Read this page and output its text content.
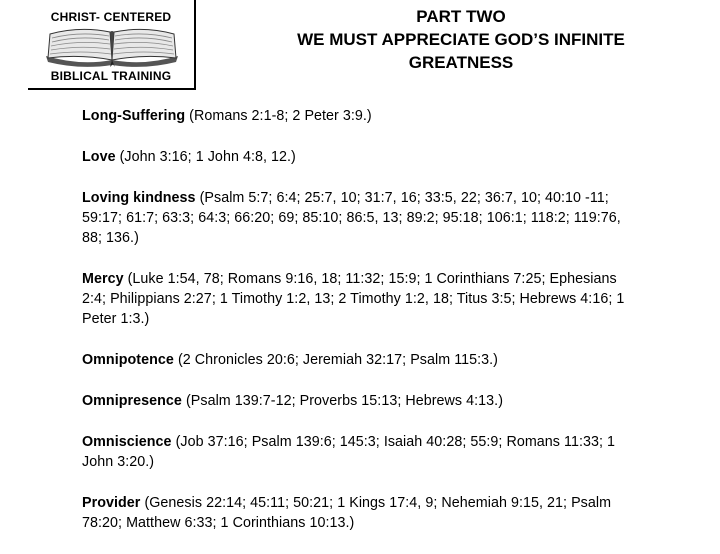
CHRIST- CENTERED
BIBLICAL TRAINING
PART TWO
WE MUST APPRECIATE GOD’S INFINITE
GREATNESS

Long-Suffering (Romans 2:1-8; 2 Peter 3:9.)

Love (John 3:16; 1 John 4:8, 12.)

Loving kindness (Psalm 5:7; 6:4; 25:7, 10; 31:7, 16; 33:5, 22; 36:7, 10; 40:10 -11; 59:17; 61:7; 63:3; 64:3; 66:20; 69; 85:10; 86:5, 13; 89:2; 95:18; 106:1; 118:2; 119:76, 88; 136.)

Mercy (Luke 1:54, 78; Romans 9:16, 18; 11:32; 15:9; 1 Corinthians 7:25; Ephesians 2:4; Philippians 2:27; 1 Timothy 1:2, 13; 2 Timothy 1:2, 18; Titus 3:5; Hebrews 4:16; 1 Peter 1:3.)

Omnipotence (2 Chronicles 20:6; Jeremiah 32:17; Psalm 115:3.)

Omnipresence (Psalm 139:7-12; Proverbs 15:13; Hebrews 4:13.)

Omniscience (Job 37:16; Psalm 139:6; 145:3; Isaiah 40:28; 55:9; Romans 11:33; 1 John 3:20.)

Provider (Genesis 22:14; 45:11; 50:21; 1 Kings 17:4, 9; Nehemiah 9:15, 21; Psalm 78:20; Matthew 6:33; 1 Corinthians 10:13.)
